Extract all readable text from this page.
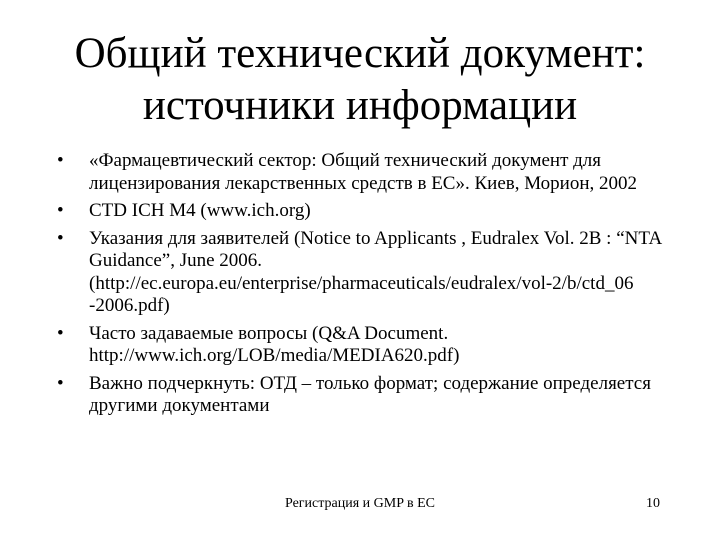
Общий технический документ:
источники информации
•	«Фармацевтический сектор: Общий технический документ для лицензирования лекарственных средств в ЕС». Киев, Морион, 2002
•	CTD ICH M4 (www.ich.org)
•	Указания для заявителей (Notice to Applicants , Eudralex Vol. 2B : “NTA Guidance”, June 2006. (http://ec.europa.eu/enterprise/pharmaceuticals/eudralex/vol-2/b/ctd_06 -2006.pdf)
•	Часто задаваемые вопросы (Q&A Document. http://www.ich.org/LOB/media/MEDIA620.pdf)
•	Важно подчеркнуть: ОТД – только формат; содержание определяется другими документами
Регистрация и GMP в ЕС	10
